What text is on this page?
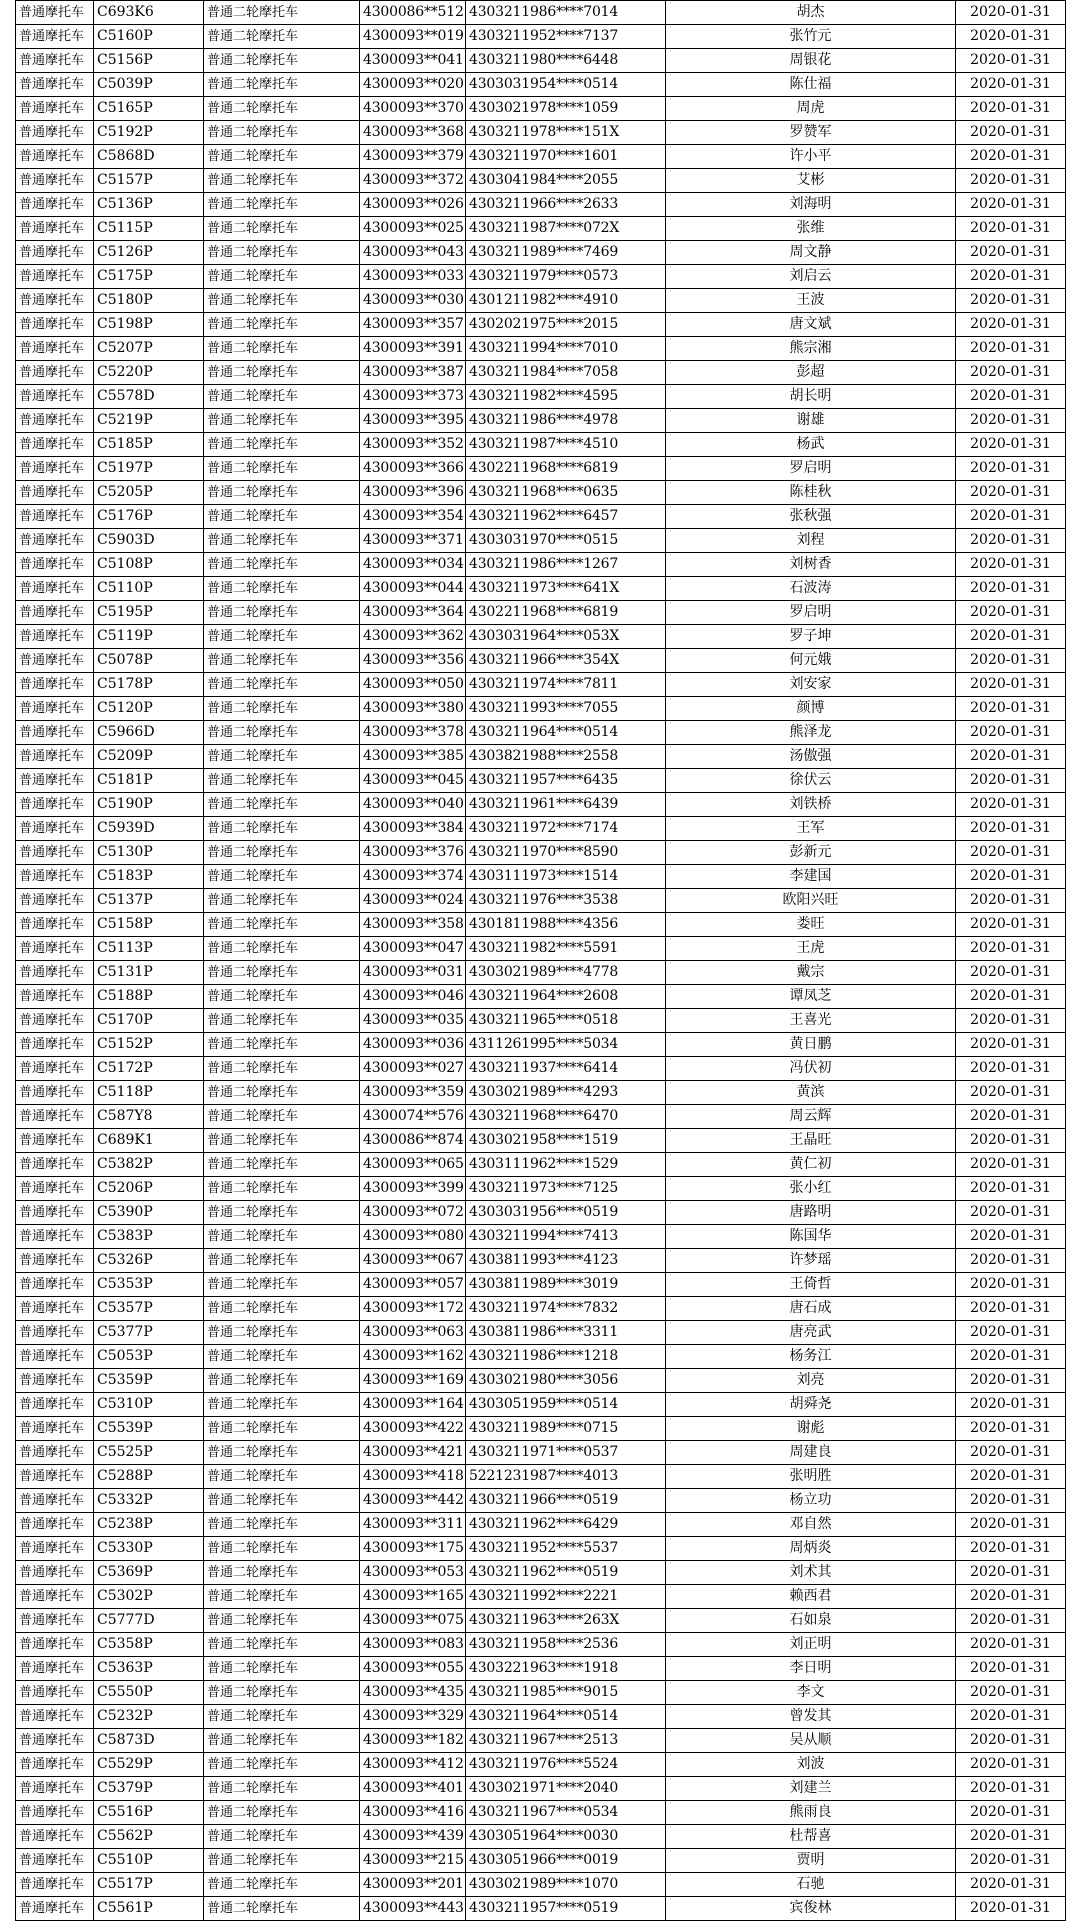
普通摩托车	C693K6	普通二轮摩托车	4300086**512	4303211986****7014	胡杰	2020-01-31
普通摩托车	C5160P	普通二轮摩托车	4300093**019	4303211952****7137	张竹元	2020-01-31
普通摩托车	C5156P	普通二轮摩托车	4300093**041	4303211980****6448	周银花	2020-01-31
普通摩托车	C5039P	普通二轮摩托车	4300093**020	4303031954****0514	陈仕福	2020-01-31
普通摩托车	C5165P	普通二轮摩托车	4300093**370	4303021978****1059	周虎	2020-01-31
普通摩托车	C5192P	普通二轮摩托车	4300093**368	4303211978****151X	罗赞军	2020-01-31
普通摩托车	C5868D	普通二轮摩托车	4300093**379	4303211970****1601	许小平	2020-01-31
普通摩托车	C5157P	普通二轮摩托车	4300093**372	4303041984****2055	艾彬	2020-01-31
普通摩托车	C5136P	普通二轮摩托车	4300093**026	4303211966****2633	刘海明	2020-01-31
普通摩托车	C5115P	普通二轮摩托车	4300093**025	4303211987****072X	张维	2020-01-31
普通摩托车	C5126P	普通二轮摩托车	4300093**043	4303211989****7469	周文静	2020-01-31
普通摩托车	C5175P	普通二轮摩托车	4300093**033	4303211979****0573	刘启云	2020-01-31
普通摩托车	C5180P	普通二轮摩托车	4300093**030	4301211982****4910	王波	2020-01-31
普通摩托车	C5198P	普通二轮摩托车	4300093**357	4302021975****2015	唐文斌	2020-01-31
普通摩托车	C5207P	普通二轮摩托车	4300093**391	4303211994****7010	熊宗湘	2020-01-31
普通摩托车	C5220P	普通二轮摩托车	4300093**387	4303211984****7058	彭超	2020-01-31
普通摩托车	C5578D	普通二轮摩托车	4300093**373	4303211982****4595	胡长明	2020-01-31
普通摩托车	C5219P	普通二轮摩托车	4300093**395	4303211986****4978	谢雄	2020-01-31
普通摩托车	C5185P	普通二轮摩托车	4300093**352	4303211987****4510	杨武	2020-01-31
普通摩托车	C5197P	普通二轮摩托车	4300093**366	4302211968****6819	罗启明	2020-01-31
普通摩托车	C5205P	普通二轮摩托车	4300093**396	4303211968****0635	陈桂秋	2020-01-31
普通摩托车	C5176P	普通二轮摩托车	4300093**354	4303211962****6457	张秋强	2020-01-31
普通摩托车	C5903D	普通二轮摩托车	4300093**371	4303031970****0515	刘程	2020-01-31
普通摩托车	C5108P	普通二轮摩托车	4300093**034	4303211986****1267	刘树香	2020-01-31
普通摩托车	C5110P	普通二轮摩托车	4300093**044	4303211973****641X	石波涛	2020-01-31
普通摩托车	C5195P	普通二轮摩托车	4300093**364	4302211968****6819	罗启明	2020-01-31
普通摩托车	C5119P	普通二轮摩托车	4300093**362	4303031964****053X	罗子坤	2020-01-31
普通摩托车	C5078P	普通二轮摩托车	4300093**356	4303211966****354X	何元娥	2020-01-31
普通摩托车	C5178P	普通二轮摩托车	4300093**050	4303211974****7811	刘安家	2020-01-31
普通摩托车	C5120P	普通二轮摩托车	4300093**380	4303211993****7055	颜博	2020-01-31
普通摩托车	C5966D	普通二轮摩托车	4300093**378	4303211964****0514	熊泽龙	2020-01-31
普通摩托车	C5209P	普通二轮摩托车	4300093**385	4303821988****2558	汤傲强	2020-01-31
普通摩托车	C5181P	普通二轮摩托车	4300093**045	4303211957****6435	徐伏云	2020-01-31
普通摩托车	C5190P	普通二轮摩托车	4300093**040	4303211961****6439	刘铁桥	2020-01-31
普通摩托车	C5939D	普通二轮摩托车	4300093**384	4303211972****7174	王军	2020-01-31
普通摩托车	C5130P	普通二轮摩托车	4300093**376	4303211970****8590	彭新元	2020-01-31
普通摩托车	C5183P	普通二轮摩托车	4300093**374	4303111973****1514	李建国	2020-01-31
普通摩托车	C5137P	普通二轮摩托车	4300093**024	4303211976****3538	欧阳兴旺	2020-01-31
普通摩托车	C5158P	普通二轮摩托车	4300093**358	4301811988****4356	娄旺	2020-01-31
普通摩托车	C5113P	普通二轮摩托车	4300093**047	4303211982****5591	王虎	2020-01-31
普通摩托车	C5131P	普通二轮摩托车	4300093**031	4303021989****4778	戴宗	2020-01-31
普通摩托车	C5188P	普通二轮摩托车	4300093**046	4303211964****2608	谭凤芝	2020-01-31
普通摩托车	C5170P	普通二轮摩托车	4300093**035	4303211965****0518	王喜光	2020-01-31
普通摩托车	C5152P	普通二轮摩托车	4300093**036	4311261995****5034	黄日鹏	2020-01-31
普通摩托车	C5172P	普通二轮摩托车	4300093**027	4303211937****6414	冯伏初	2020-01-31
普通摩托车	C5118P	普通二轮摩托车	4300093**359	4303021989****4293	黄滨	2020-01-31
普通摩托车	C587Y8	普通二轮摩托车	4300074**576	4303211968****6470	周云辉	2020-01-31
普通摩托车	C689K1	普通二轮摩托车	4300086**874	4303021958****1519	王晶旺	2020-01-31
普通摩托车	C5382P	普通二轮摩托车	4300093**065	4303111962****1529	黄仁初	2020-01-31
普通摩托车	C5206P	普通二轮摩托车	4300093**399	4303211973****7125	张小红	2020-01-31
普通摩托车	C5390P	普通二轮摩托车	4300093**072	4303031956****0519	唐路明	2020-01-31
普通摩托车	C5383P	普通二轮摩托车	4300093**080	4303211994****7413	陈国华	2020-01-31
普通摩托车	C5326P	普通二轮摩托车	4300093**067	4303811993****4123	许梦瑶	2020-01-31
普通摩托车	C5353P	普通二轮摩托车	4300093**057	4303811989****3019	王倚哲	2020-01-31
普通摩托车	C5357P	普通二轮摩托车	4300093**172	4303211974****7832	唐石成	2020-01-31
普通摩托车	C5377P	普通二轮摩托车	4300093**063	4303811986****3311	唐亮武	2020-01-31
普通摩托车	C5053P	普通二轮摩托车	4300093**162	4303211986****1218	杨务江	2020-01-31
普通摩托车	C5359P	普通二轮摩托车	4300093**169	4303021980****3056	刘亮	2020-01-31
普通摩托车	C5310P	普通二轮摩托车	4300093**164	4303051959****0514	胡舜尧	2020-01-31
普通摩托车	C5539P	普通二轮摩托车	4300093**422	4303211989****0715	谢彪	2020-01-31
普通摩托车	C5525P	普通二轮摩托车	4300093**421	4303211971****0537	周建良	2020-01-31
普通摩托车	C5288P	普通二轮摩托车	4300093**418	5221231987****4013	张明胜	2020-01-31
普通摩托车	C5332P	普通二轮摩托车	4300093**442	4303211966****0519	杨立功	2020-01-31
普通摩托车	C5238P	普通二轮摩托车	4300093**311	4303211962****6429	邓自然	2020-01-31
普通摩托车	C5330P	普通二轮摩托车	4300093**175	4303211952****5537	周炳炎	2020-01-31
普通摩托车	C5369P	普通二轮摩托车	4300093**053	4303211962****0519	刘术其	2020-01-31
普通摩托车	C5302P	普通二轮摩托车	4300093**165	4303211992****2221	赖西君	2020-01-31
普通摩托车	C5777D	普通二轮摩托车	4300093**075	4303211963****263X	石如泉	2020-01-31
普通摩托车	C5358P	普通二轮摩托车	4300093**083	4303211958****2536	刘正明	2020-01-31
普通摩托车	C5363P	普通二轮摩托车	4300093**055	4303221963****1918	李日明	2020-01-31
普通摩托车	C5550P	普通二轮摩托车	4300093**435	4303211985****9015	李文	2020-01-31
普通摩托车	C5232P	普通二轮摩托车	4300093**329	4303211964****0514	曾发其	2020-01-31
普通摩托车	C5873D	普通二轮摩托车	4300093**182	4303211967****2513	吴从顺	2020-01-31
普通摩托车	C5529P	普通二轮摩托车	4300093**412	4303211976****5524	刘波	2020-01-31
普通摩托车	C5379P	普通二轮摩托车	4300093**401	4303021971****2040	刘建兰	2020-01-31
普通摩托车	C5516P	普通二轮摩托车	4300093**416	4303211967****0534	熊雨良	2020-01-31
普通摩托车	C5562P	普通二轮摩托车	4300093**439	4303051964****0030	杜帮喜	2020-01-31
普通摩托车	C5510P	普通二轮摩托车	4300093**215	4303051966****0019	贾明	2020-01-31
普通摩托车	C5517P	普通二轮摩托车	4300093**201	4303021989****1070	石驰	2020-01-31
普通摩托车	C5561P	普通二轮摩托车	4300093**443	4303211957****0519	宾俊林	2020-01-31
